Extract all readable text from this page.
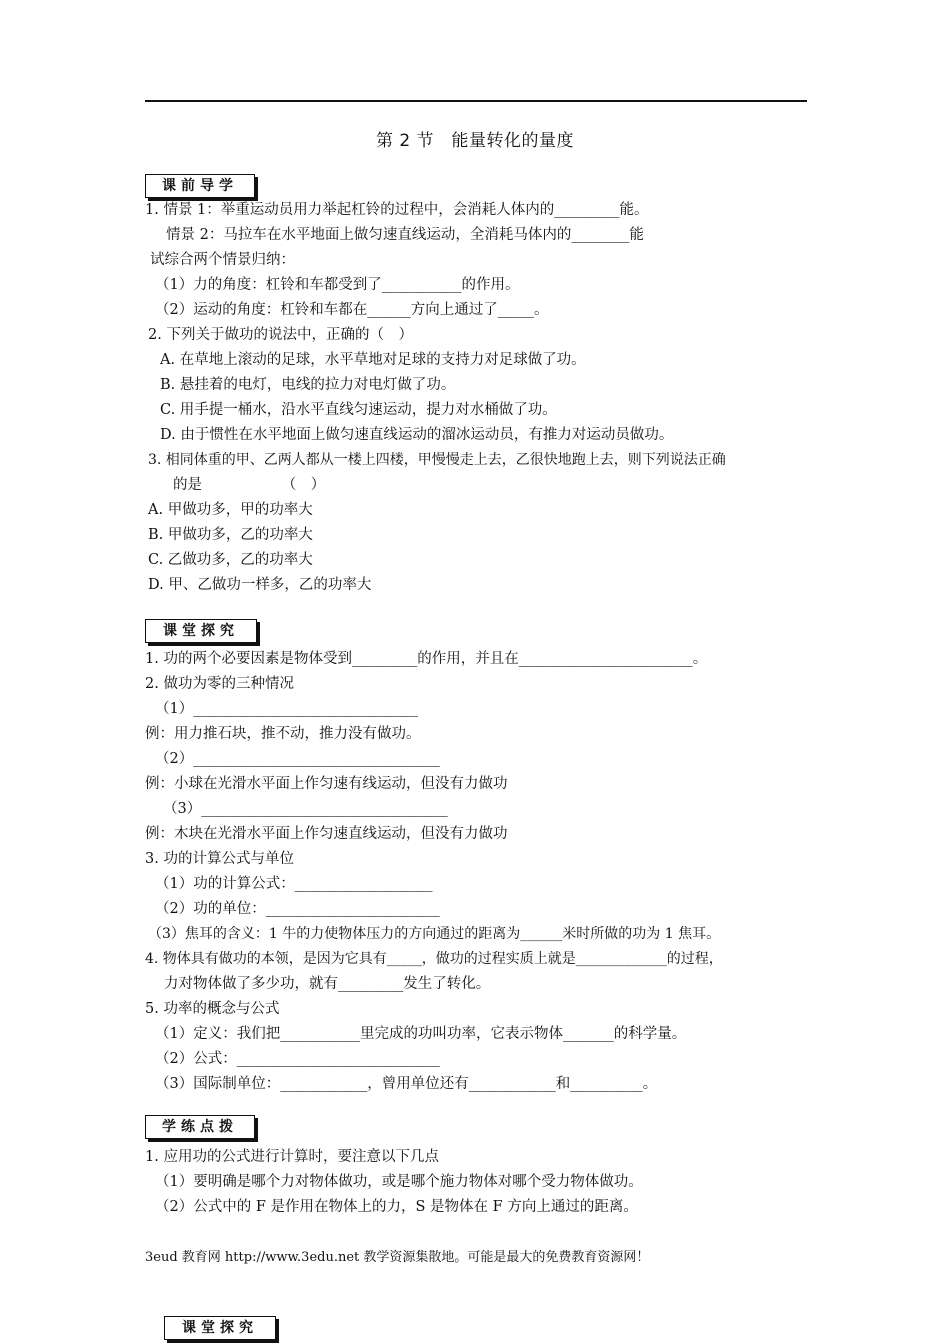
第 2 节　能量转化的量度
课前导学
1. 情景 1：举重运动员用力举起杠铃的过程中，会消耗人体内的_________能。
情景 2：马拉车在水平地面上做匀速直线运动，全消耗马体内的________能
试综合两个情景归纳：
（1）力的角度：杠铃和车都受到了___________的作用。
（2）运动的角度：杠铃和车都在______方向上通过了_____。
2. 下列关于做功的说法中，正确的（　）
A. 在草地上滚动的足球，水平草地对足球的支持力对足球做了功。
B. 悬挂着的电灯，电线的拉力对电灯做了功。
C. 用手提一桶水，沿水平直线匀速运动，提力对水桶做了功。
D. 由于惯性在水平地面上做匀速直线运动的溜冰运动员，有推力对运动员做功。
3. 相同体重的甲、乙两人都从一楼上四楼，甲慢慢走上去，乙很快地跑上去，则下列说法正确
的是　　　　　　（　）
A. 甲做功多，甲的功率大
B. 甲做功多，乙的功率大
C. 乙做功多，乙的功率大
D. 甲、乙做功一样多，乙的功率大
课堂探究
1. 功的两个必要因素是物体受到_________的作用，并且在________________________。
2. 做功为零的三种情况
（1）_______________________________
例：用力推石块，推不动，推力没有做功。
（2）__________________________________
例：小球在光滑水平面上作匀速有线运动，但没有力做功
（3）__________________________________
例：木块在光滑水平面上作匀速直线运动，但没有力做功
3. 功的计算公式与单位
（1）功的计算公式：___________________
（2）功的单位：________________________
（3）焦耳的含义：1 牛的力使物体压力的方向通过的距离为______米时所做的功为 1 焦耳。
4. 物体具有做功的本领，是因为它具有_____，做功的过程实质上就是_____________的过程，
力对物体做了多少功，就有_________发生了转化。
5. 功率的概念与公式
（1）定义：我们把___________里完成的功叫功率，它表示物体_______的科学量。
（2）公式：____________________________
（3）国际制单位：____________，曾用单位还有____________和__________。
学练点拨
1. 应用功的公式进行计算时，要注意以下几点
（1）要明确是哪个力对物体做功，或是哪个施力物体对哪个受力物体做功。
（2）公式中的 F 是作用在物体上的力，S 是物体在 F 方向上通过的距离。
3eud 教育网 http://www.3edu.net 教学资源集散地。可能是最大的免费教育资源网！
课堂探究
